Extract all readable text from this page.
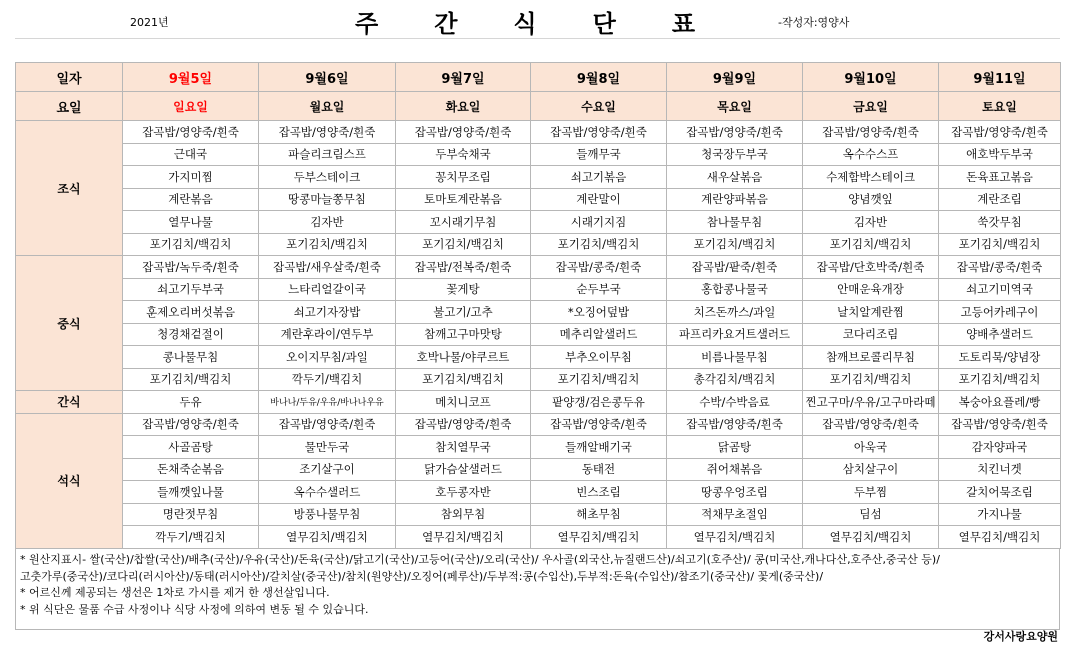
2021년	주 간 식 단 표	-작성자:영양사
일자	9월5일	9월6일	9월7일	9월8일	9월9일	9월10일	9월11일
요일	일요일	월요일	화요일	수요일	목요일	금요일	토요일
조식	잡곡밥/영양죽/흰죽	잡곡밥/영양죽/흰죽	잡곡밥/영양죽/흰죽	잡곡밥/영양죽/흰죽	잡곡밥/영양죽/흰죽	잡곡밥/영양죽/흰죽	잡곡밥/영양죽/흰죽
	근대국	파슬리크림스프	두부숙채국	들깨무국	청국장두부국	옥수수스프	애호박두부국
	가지미찜	두부스테이크	꽁치무조림	쇠고기볶음	새우살볶음	수제함박스테이크	돈육표고볶음
	계란볶음	땅콩마늘쫑무침	토마토계란볶음	계란말이	계란양파볶음	양념깻잎	계란조림
	열무나물	김자반	꼬시래기무침	시래기지짐	참나물무침	김자반	쑥갓무침
	포기김치/백김치	포기김치/백김치	포기김치/백김치	포기김치/백김치	포기김치/백김치	포기김치/백김치	포기김치/백김치
중식	잡곡밥/녹두죽/흰죽	잡곡밥/새우살죽/흰죽	잡곡밥/전복죽/흰죽	잡곡밥/콩죽/흰죽	잡곡밥/팥죽/흰죽	잡곡밥/단호박죽/흰죽	잡곡밥/콩죽/흰죽
	쇠고기두부국	느타리얼갈이국	꽃게탕	순두부국	홍합콩나물국	안매운육개장	쇠고기미역국
	훈제오리버섯볶음	쇠고기자장밥	불고기/고추	*오징어덮밥	치즈돈까스/과일	날치알계란찜	고등어카레구이
	청경채겉절이	계란후라이/연두부	참깨고구마맛탕	메추리알샐러드	파프리카요거트샐러드	코다리조림	양배추샐러드
	콩나물무침	오이지무침/과일	호박나물/야쿠르트	부추오이무침	비름나물무침	참깨브로콜리무침	도토리묵/양념장
	포기김치/백김치	깍두기/백김치	포기김치/백김치	포기김치/백김치	총각김치/백김치	포기김치/백김치	포기김치/백김치
간식	두유	바나나/두유/우유/바나나우유	메치니코프	팥양갱/검은콩두유	수박/수박음료	찐고구마/우유/고구마라떼	복숭아요플레/빵
석식	잡곡밥/영양죽/흰죽	잡곡밥/영양죽/흰죽	잡곡밥/영양죽/흰죽	잡곡밥/영양죽/흰죽	잡곡밥/영양죽/흰죽	잡곡밥/영양죽/흰죽	잡곡밥/영양죽/흰죽
	사골곰탕	물만두국	참치열무국	들깨알배기국	닭곰탕	아욱국	감자양파국
	돈채죽순볶음	조기살구이	닭가슴살샐러드	동태전	쥐어채볶음	삼치살구이	치킨너겟
	들깨깻잎나물	옥수수샐러드	호두콩자반	빈스조림	땅콩우엉조림	두부찜	갈치어묵조림
	명란젓무침	방풍나물무침	참외무침	해초무침	적채무초절임	딤섬	가지나물
	깍두기/백김치	열무김치/백김치	열무김치/백김치	열무김치/백김치	열무김치/백김치	열무김치/백김치	열무김치/백김치
* 원산지표시- 쌀(국산)/찹쌀(국산)/배추(국산)/우유(국산)/돈육(국산)/닭고기(국산)/고등어(국산)/오리(국산)/ 우사골(외국산,뉴질랜드산)/쇠고기(호주산)/ 콩(미국산,캐나다산,호주산,중국산 등)/
고춧가루(중국산)/코다리(러시아산)/동태(러시아산)/갈치살(중국산)/참치(원양산)/오징어(페루산)/두부적:콩(수입산),두부적:돈육(수입산)/참조기(중국산)/ 꽃게(중국산)/
* 어르신께 제공되는 생선은 1차로 가시를 제거 한 생선살입니다.
* 위 식단은 물품 수급 사정이나 식당 사정에 의하여 변동 될 수 있습니다.
강서사랑요양원
